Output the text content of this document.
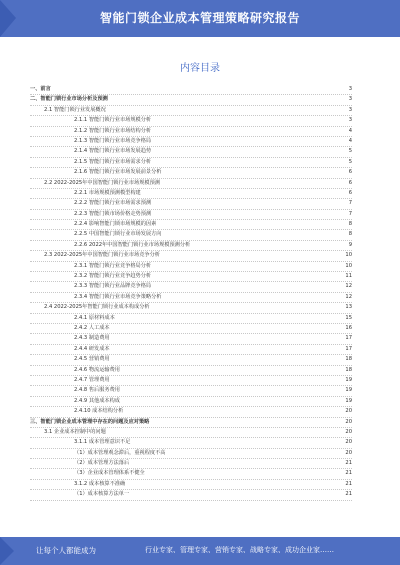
智能门锁企业成本管理策略研究报告
内容目录
一、前言	3
二、智能门锁行业市场分析及预测	3
2.1 智能门锁行业发展概况	3
2.1.1 智能门锁行业市场规模分析	3
2.1.2 智能门锁行业市场结构分析	4
2.1.3 智能门锁行业市场竞争格局	4
2.1.4 智能门锁行业市场发展趋势	5
2.1.5 智能门锁行业市场需求分析	5
2.1.6 智能门锁行业市场发展前景分析	6
2.2 2022-2025年中国智能门锁行业市场规模预测	6
2.2.1 市场规模预测模型构建	6
2.2.2 智能门锁行业市场需求预测	7
2.2.3 智能门锁市场价格走势预测	7
2.2.4 影响智能门锁市场规模的因素	8
2.2.5 中国智能门锁行业市场发展方向	8
2.2.6 2022年中国智能门锁行业市场规模预测分析	9
2.3 2022-2025年中国智能门锁行业市场竞争分析	10
2.3.1 智能门锁行业竞争格局分析	10
2.3.2 智能门锁行业竞争趋势分析	11
2.3.3 智能门锁行业品牌竞争格局	12
2.3.4 智能门锁行业市场竞争策略分析	12
2.4 2022-2025年智能门锁行业成本构成分析	13
2.4.1 原材料成本	15
2.4.2 人工成本	16
2.4.3 制造费用	17
2.4.4 研发成本	17
2.4.5 营销费用	18
2.4.6 物流运输费用	18
2.4.7 管理费用	19
2.4.8 售后服务费用	19
2.4.9 其他成本构成	19
2.4.10 成本结构分析	20
三、智能门锁企业成本管理中存在的问题及应对策略	20
3.1 企业成本控制中的问题	20
3.1.1 成本管理意识不足	20
（1）成本管理观念滞后，重视程度不高	20
（2）成本管理方法落后	21
（3）企业成本管理体系不健全	21
3.1.2 成本核算不准确	21
（1）成本核算方法单一	21
让每个人都能成为	行业专家、管理专家、营销专家、战略专家、成功企业家……
